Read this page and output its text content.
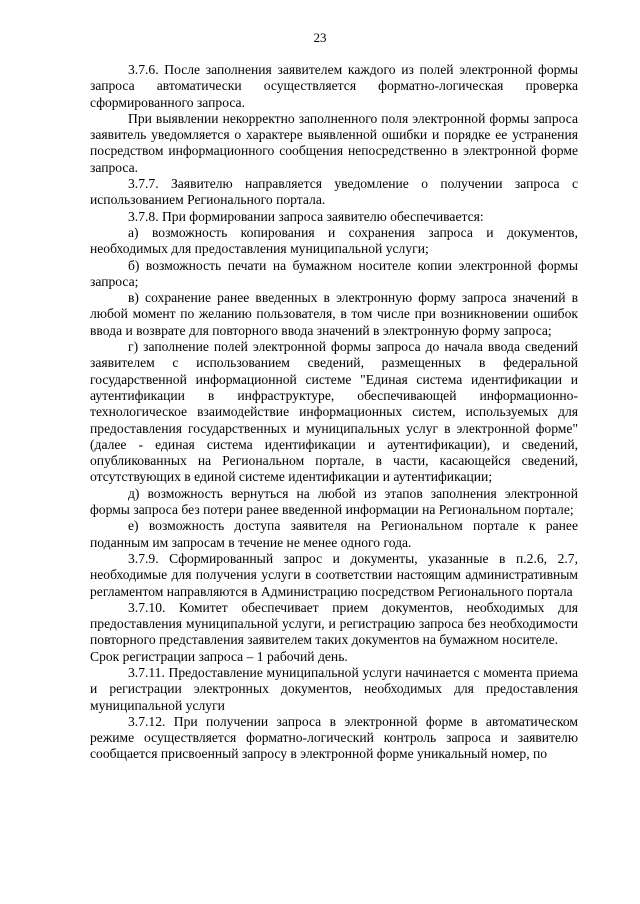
23

3.7.6. После заполнения заявителем каждого из полей электронной формы запроса автоматически осуществляется форматно-логическая проверка сформированного запроса.

При выявлении некорректно заполненного поля электронной формы запроса заявитель уведомляется о характере выявленной ошибки и порядке ее устранения посредством информационного сообщения непосредственно в электронной форме запроса.

3.7.7. Заявителю направляется уведомление о получении запроса с использованием Регионального портала.

3.7.8. При формировании запроса заявителю обеспечивается:

а) возможность копирования и сохранения запроса и документов, необходимых для предоставления муниципальной услуги;

б) возможность печати на бумажном носителе копии электронной формы запроса;

в) сохранение ранее введенных в электронную форму запроса значений в любой момент по желанию пользователя, в том числе при возникновении ошибок ввода и возврате для повторного ввода значений в электронную форму запроса;

г) заполнение полей электронной формы запроса до начала ввода сведений заявителем с использованием сведений, размещенных в федеральной государственной информационной системе "Единая система идентификации и аутентификации в инфраструктуре, обеспечивающей информационно-технологическое взаимодействие информационных систем, используемых для предоставления государственных и муниципальных услуг в электронной форме" (далее - единая система идентификации и аутентификации), и сведений, опубликованных на Региональном портале, в части, касающейся сведений, отсутствующих в единой системе идентификации и аутентификации;

д) возможность вернуться на любой из этапов заполнения электронной формы запроса без потери ранее введенной информации на Региональном портале;

е) возможность доступа заявителя на Региональном портале к ранее поданным им запросам в течение не менее одного года.

3.7.9. Сформированный запрос и документы, указанные в п.2.6, 2.7, необходимые для получения услуги в соответствии настоящим административным регламентом направляются в Администрацию посредством Регионального портала

3.7.10. Комитет обеспечивает прием документов, необходимых для предоставления муниципальной услуги, и регистрацию запроса без необходимости повторного представления заявителем таких документов на бумажном носителе.

Срок регистрации запроса – 1 рабочий день.

3.7.11. Предоставление муниципальной услуги начинается с момента приема и регистрации электронных документов, необходимых для предоставления муниципальной услуги

3.7.12. При получении запроса в электронной форме в автоматическом режиме осуществляется форматно-логический контроль запроса и заявителю сообщается присвоенный запросу в электронной форме уникальный номер, по
